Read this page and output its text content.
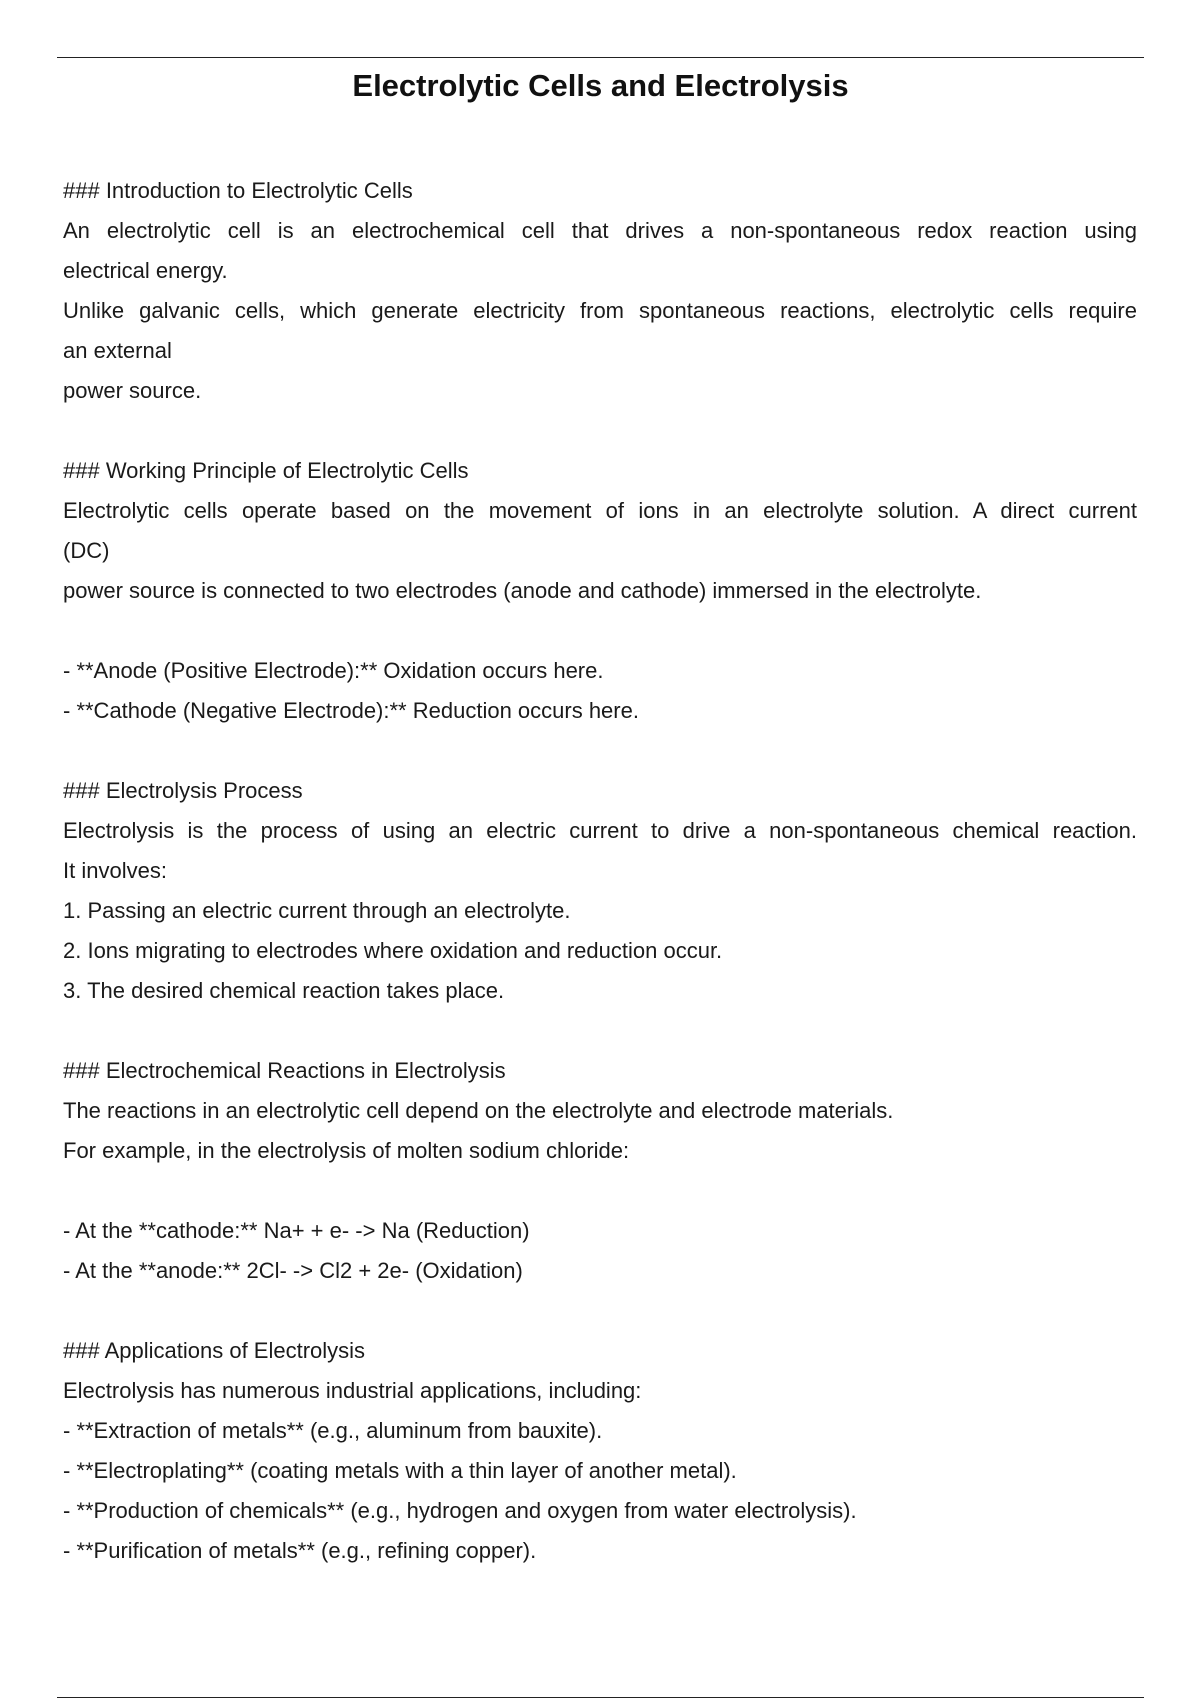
Electrolytic Cells and Electrolysis
### Introduction to Electrolytic Cells
An electrolytic cell is an electrochemical cell that drives a non-spontaneous redox reaction using
electrical energy.
Unlike galvanic cells, which generate electricity from spontaneous reactions, electrolytic cells require
an external
power source.
### Working Principle of Electrolytic Cells
Electrolytic cells operate based on the movement of ions in an electrolyte solution. A direct current
(DC)
power source is connected to two electrodes (anode and cathode) immersed in the electrolyte.
- **Anode (Positive Electrode):** Oxidation occurs here.
- **Cathode (Negative Electrode):** Reduction occurs here.
### Electrolysis Process
Electrolysis is the process of using an electric current to drive a non-spontaneous chemical reaction.
It involves:
1. Passing an electric current through an electrolyte.
2. Ions migrating to electrodes where oxidation and reduction occur.
3. The desired chemical reaction takes place.
### Electrochemical Reactions in Electrolysis
The reactions in an electrolytic cell depend on the electrolyte and electrode materials.
For example, in the electrolysis of molten sodium chloride:
- At the **cathode:** Na+ + e- -> Na (Reduction)
- At the **anode:** 2Cl- -> Cl2 + 2e- (Oxidation)
### Applications of Electrolysis
Electrolysis has numerous industrial applications, including:
- **Extraction of metals** (e.g., aluminum from bauxite).
- **Electroplating** (coating metals with a thin layer of another metal).
- **Production of chemicals** (e.g., hydrogen and oxygen from water electrolysis).
- **Purification of metals** (e.g., refining copper).
